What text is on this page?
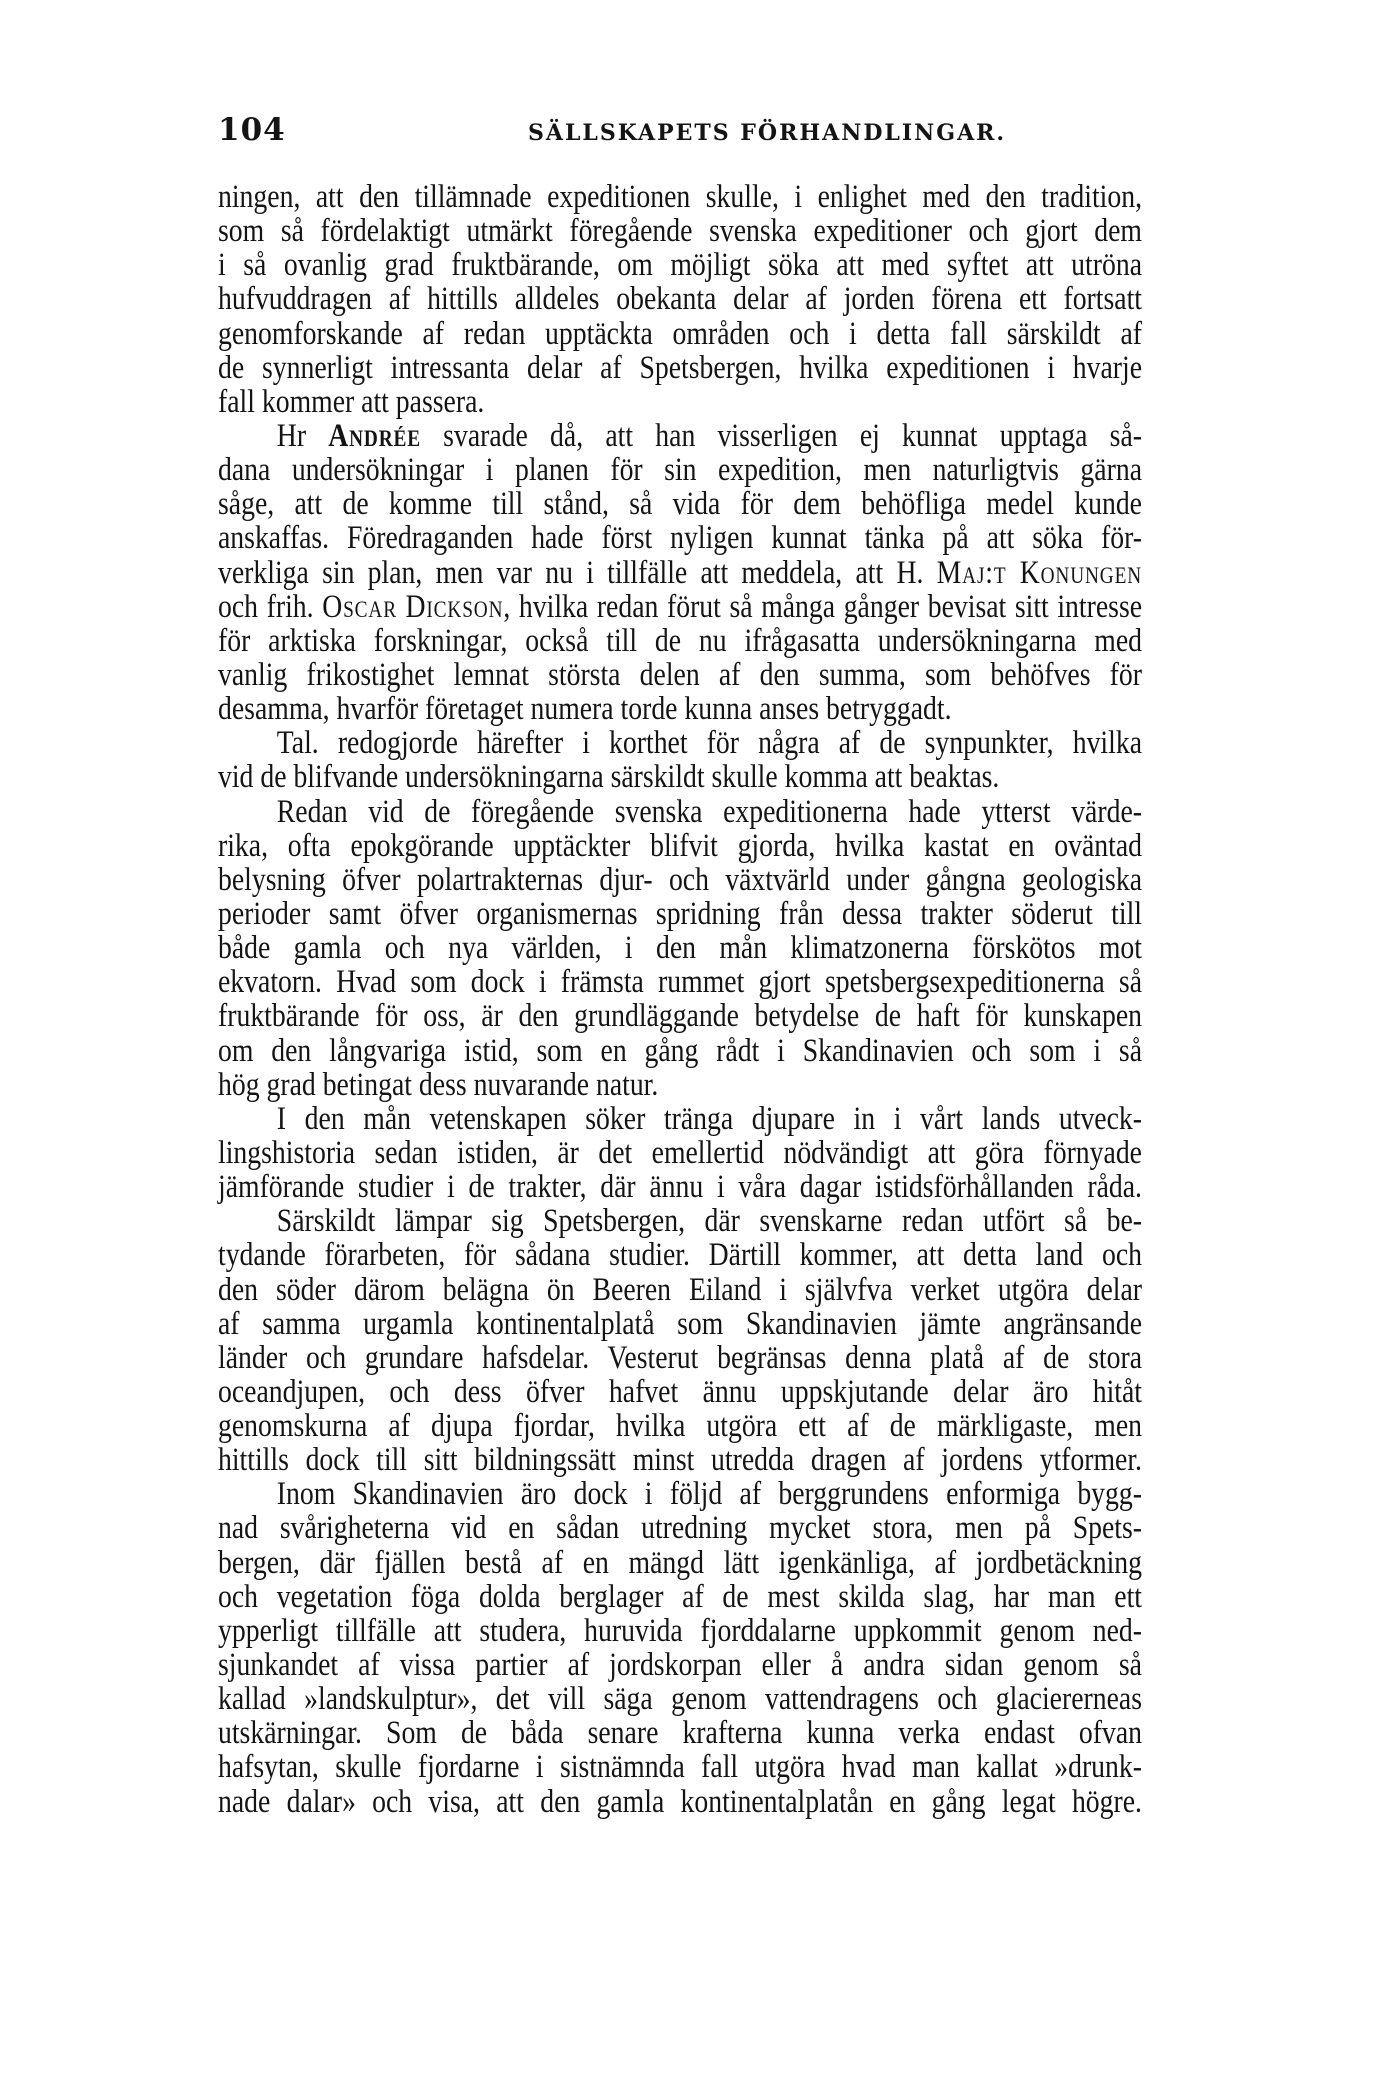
104	SÄLLSKAPETS FÖRHANDLINGAR.
ningen, att den tillämnade expeditionen skulle, i enlighet med den tradition,
som så fördelaktigt utmärkt föregående svenska expeditioner och gjort dem
i så ovanlig grad fruktbärande, om möjligt söka att med syftet att utröna
hufvuddragen af hittills alldeles obekanta delar af jorden förena ett fortsatt
genomforskande af redan upptäckta områden och i detta fall särskildt af
de synnerligt intressanta delar af Spetsbergen, hvilka expeditionen i hvarje
fall kommer att passera.
Hr Andrée svarade då, att han visserligen ej kunnat upptaga så-
dana undersökningar i planen för sin expedition, men naturligtvis gärna
såge, att de komme till stånd, så vida för dem behöfliga medel kunde
anskaffas. Föredraganden hade först nyligen kunnat tänka på att söka för-
verkliga sin plan, men var nu i tillfälle att meddela, att H. Maj:t Konungen
och frih. Oscar Dickson, hvilka redan förut så många gånger bevisat sitt intresse
för arktiska forskningar, också till de nu ifrågasatta undersökningarna med
vanlig frikostighet lemnat största delen af den summa, som behöfves för
desamma, hvarför företaget numera torde kunna anses betryggadt.
Tal. redogjorde härefter i korthet för några af de synpunkter, hvilka
vid de blifvande undersökningarna särskildt skulle komma att beaktas.
Redan vid de föregående svenska expeditionerna hade ytterst värde-
rika, ofta epokgörande upptäckter blifvit gjorda, hvilka kastat en oväntad
belysning öfver polartrakternas djur- och växtvärld under gångna geologiska
perioder samt öfver organismernas spridning från dessa trakter söderut till
både gamla och nya världen, i den mån klimatzonerna förskötos mot
ekvatorn. Hvad som dock i främsta rummet gjort spetsbergsexpeditionerna så
fruktbärande för oss, är den grundläggande betydelse de haft för kunskapen
om den långvariga istid, som en gång rådt i Skandinavien och som i så
hög grad betingat dess nuvarande natur.
I den mån vetenskapen söker tränga djupare in i vårt lands utveck-
lingshistoria sedan istiden, är det emellertid nödvändigt att göra förnyade
jämförande studier i de trakter, där ännu i våra dagar istidsförhållanden råda.
Särskildt lämpar sig Spetsbergen, där svenskarne redan utfört så be-
tydande förarbeten, för sådana studier. Därtill kommer, att detta land och
den söder därom belägna ön Beeren Eiland i självfva verket utgöra delar
af samma urgamla kontinentalplatå som Skandinavien jämte angränsande
länder och grundare hafsdelar. Vesterut begränsas denna platå af de stora
oceandjupen, och dess öfver hafvet ännu uppskjutande delar äro hitåt
genomskurna af djupa fjordar, hvilka utgöra ett af de märkligaste, men
hittills dock till sitt bildningssätt minst utredda dragen af jordens ytformer.
Inom Skandinavien äro dock i följd af berggrundens enformiga bygg-
nad svårigheterna vid en sådan utredning mycket stora, men på Spets-
bergen, där fjällen bestå af en mängd lätt igenkänliga, af jordbetäckning
och vegetation föga dolda berglager af de mest skilda slag, har man ett
ypperligt tillfälle att studera, huruvida fjorddalarne uppkommit genom ned-
sjunkandet af vissa partier af jordskorpan eller å andra sidan genom så
kallad »landskulptur», det vill säga genom vattendragens och glaciererneas
utskärningar. Som de båda senare krafterna kunna verka endast ofvan
hafsytan, skulle fjordarne i sistnämnda fall utgöra hvad man kallat »drunk-
nade dalar» och visa, att den gamla kontinentalplatån en gång legat högre.
